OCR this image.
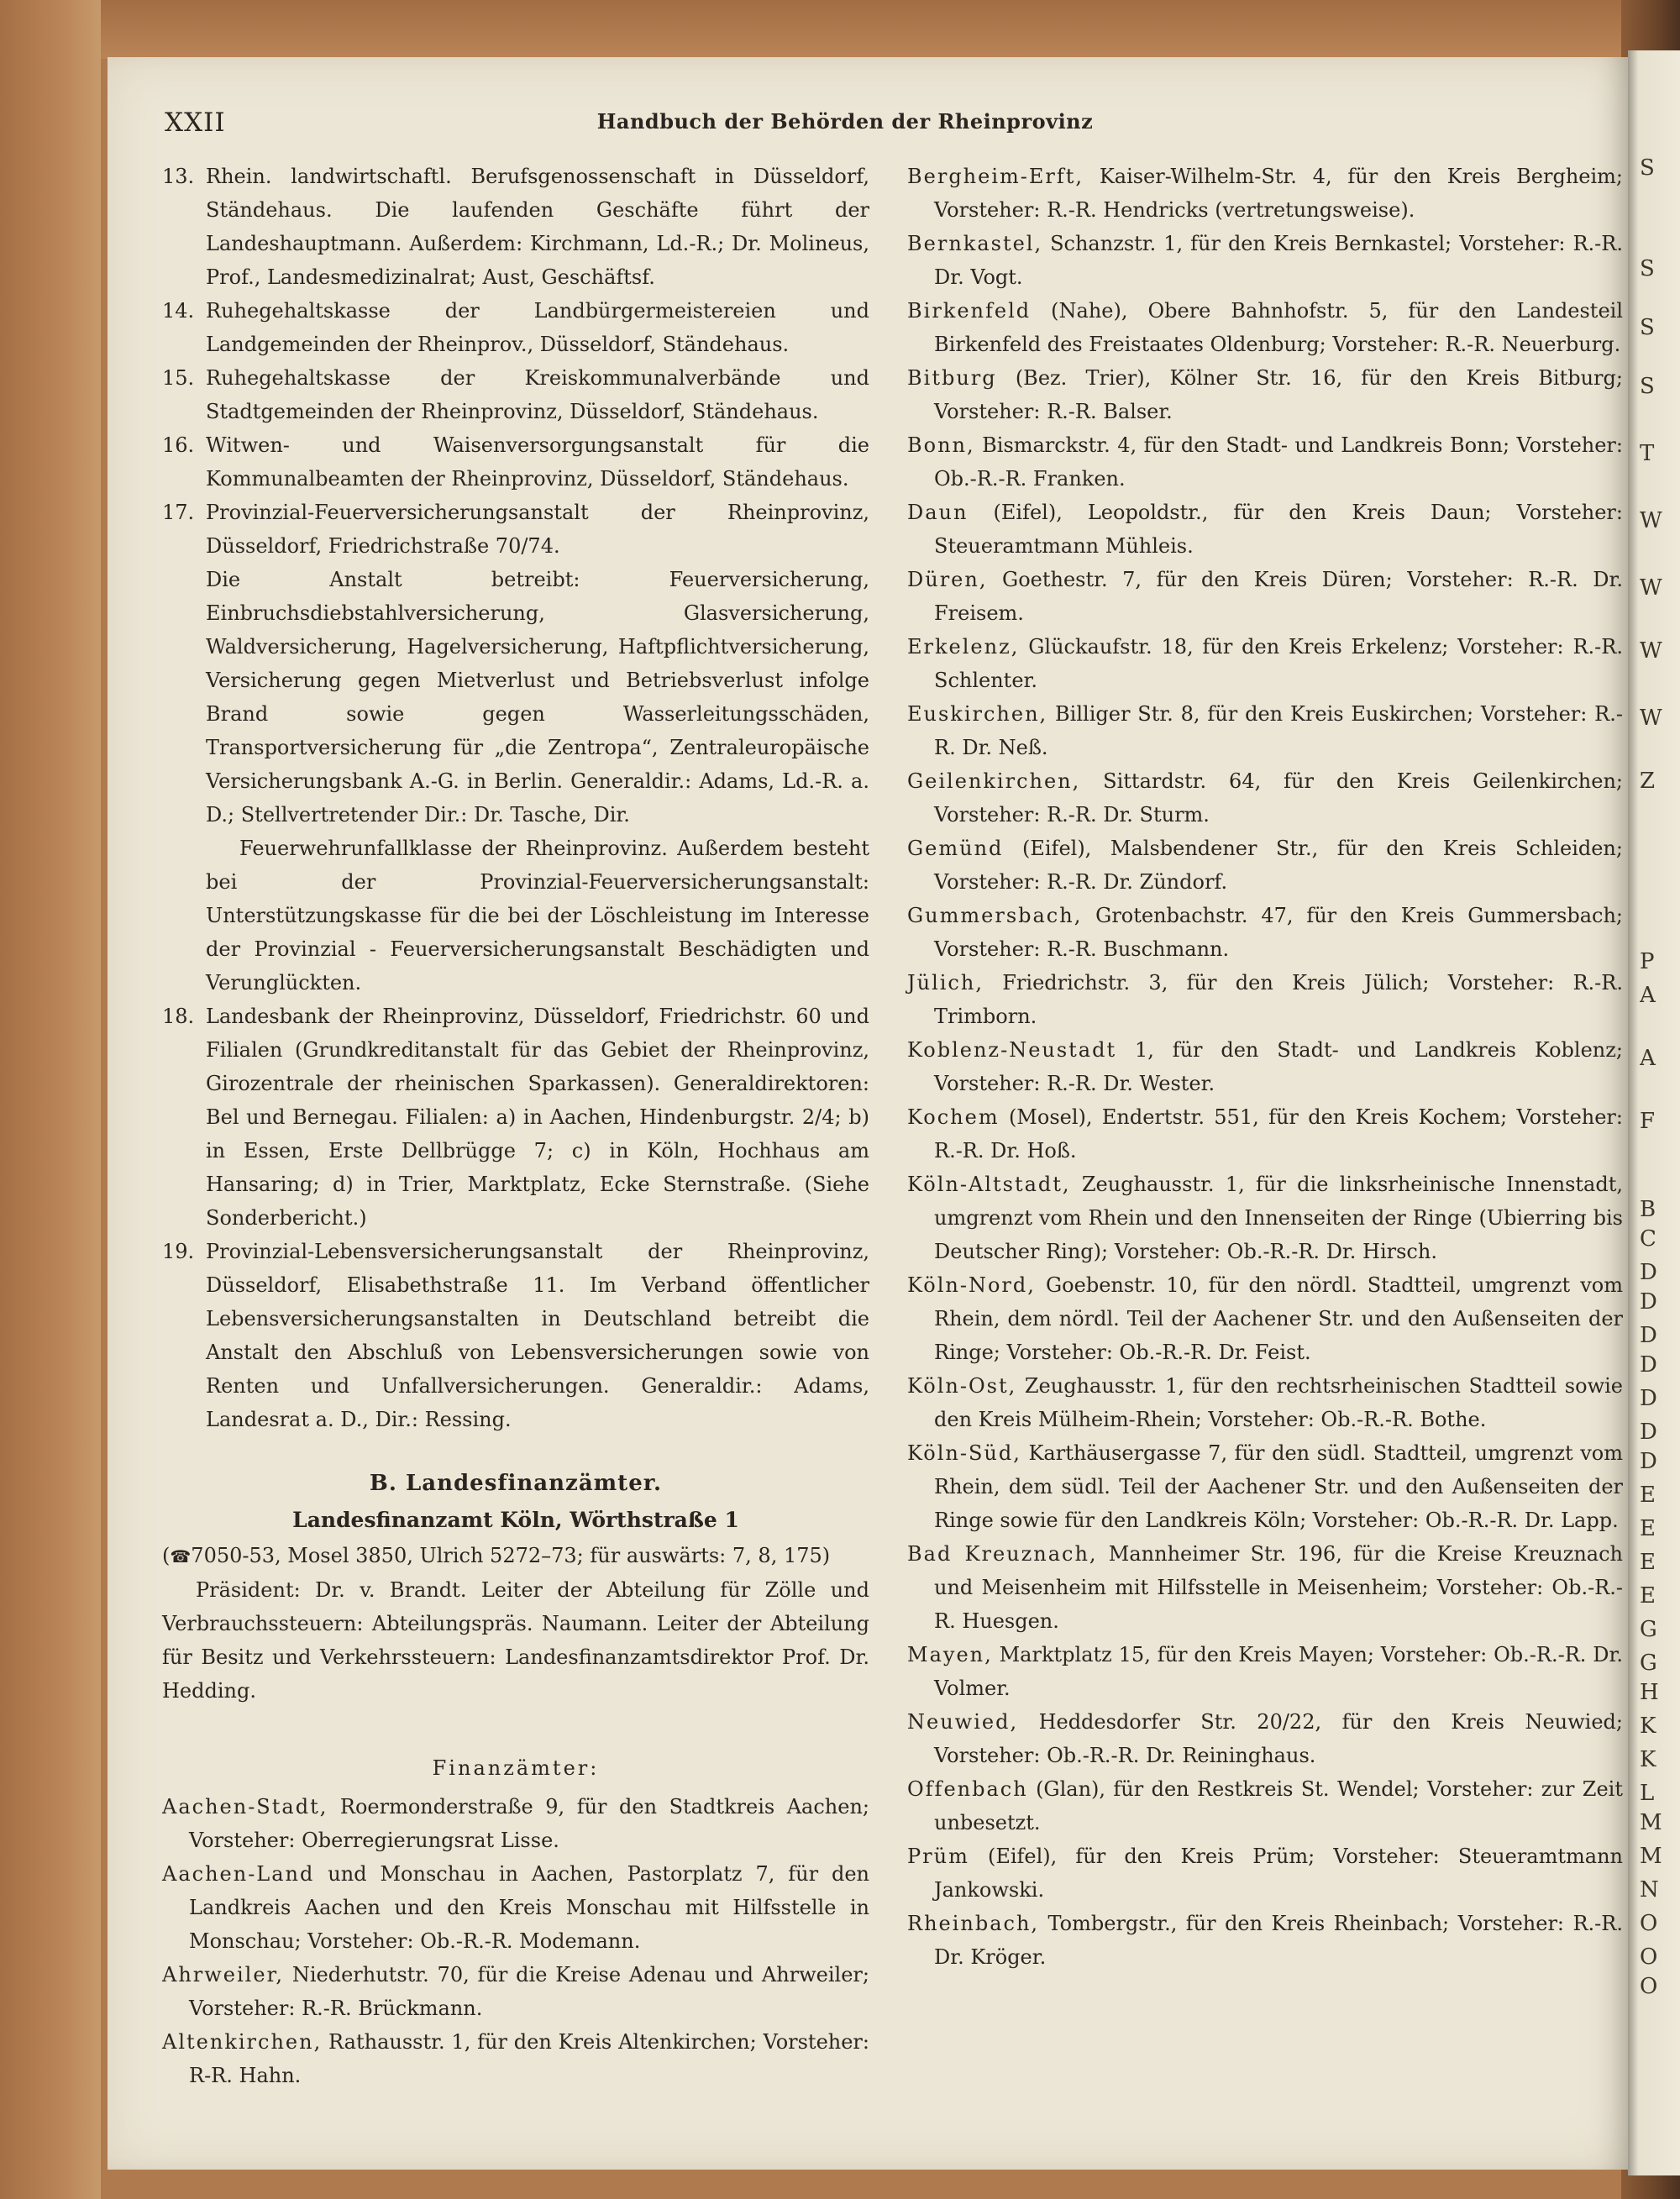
S
S
S
S
T
W
W
W
W
Z
P
A
A
F
B
C
D
D
D
D
D
D
D
E
E
E
E
G
G
H
K
K
L
M
M
N
O
O
O
XXII	Handbuch der Behörden der Rheinprovinz
13. Rhein. landwirtschaftl. Berufsgenossenschaft in Düsseldorf, Ständehaus. Die laufenden Geschäfte führt der Landeshauptmann. Außerdem: Kirchmann, Ld.-R.; Dr. Molineus, Prof., Landesmedizinalrat; Aust, Geschäftsf.

14. Ruhegehaltskasse der Landbürgermeistereien und Landgemeinden der Rheinprov., Düsseldorf, Ständehaus.

15. Ruhegehaltskasse der Kreiskommunalverbände und Stadtgemeinden der Rheinprovinz, Düsseldorf, Ständehaus.

16. Witwen- und Waisenversorgungsanstalt für die Kommunalbeamten der Rheinprovinz, Düsseldorf, Ständehaus.

17. Provinzial-Feuerversicherungsanstalt der Rheinprovinz, Düsseldorf, Friedrichstraße 70/74.

Die Anstalt betreibt: Feuerversicherung, Einbruchsdiebstahlversicherung, Glasversicherung, Waldversicherung, Hagelversicherung, Haftpflichtversicherung, Versicherung gegen Mietverlust und Betriebsverlust infolge Brand sowie gegen Wasserleitungsschäden, Transportversicherung für „die Zentropa“, Zentraleuropäische Versicherungsbank A.-G. in Berlin. Generaldir.: Adams, Ld.-R. a. D.; Stellvertretender Dir.: Dr. Tasche, Dir.

Feuerwehrunfallklasse der Rheinprovinz. Außerdem besteht bei der Provinzial-Feuerversicherungsanstalt: Unterstützungskasse für die bei der Löschleistung im Interesse der Provinzial - Feuerversicherungsanstalt Beschädigten und Verunglückten.

18. Landesbank der Rheinprovinz, Düsseldorf, Friedrichstr. 60 und Filialen (Grundkreditanstalt für das Gebiet der Rheinprovinz, Girozentrale der rheinischen Sparkassen). Generaldirektoren: Bel und Bernegau. Filialen: a) in Aachen, Hindenburgstr. 2/4; b) in Essen, Erste Dellbrügge 7; c) in Köln, Hochhaus am Hansaring; d) in Trier, Marktplatz, Ecke Sternstraße. (Siehe Sonderbericht.)

19. Provinzial-Lebensversicherungsanstalt der Rheinprovinz, Düsseldorf, Elisabethstraße 11. Im Verband öffentlicher Lebensversicherungsanstalten in Deutschland betreibt die Anstalt den Abschluß von Lebensversicherungen sowie von Renten und Unfallversicherungen. Generaldir.: Adams, Landesrat a. D., Dir.: Ressing.

B. Landesfinanzämter.
Landesfinanzamt Köln, Wörthstraße 1

(☎7050-53, Mosel 3850, Ulrich 5272–73; für auswärts: 7, 8, 175)

Präsident: Dr. v. Brandt. Leiter der Abteilung für Zölle und Verbrauchssteuern: Abteilungspräs. Naumann. Leiter der Abteilung für Besitz und Verkehrssteuern: Landesfinanzamtsdirektor Prof. Dr. Hedding.

Finanzämter:

Aachen-Stadt, Roermonderstraße 9, für den Stadtkreis Aachen; Vorsteher: Oberregierungsrat Lisse.

Aachen-Land und Monschau in Aachen, Pastorplatz 7, für den Landkreis Aachen und den Kreis Monschau mit Hilfsstelle in Monschau; Vorsteher: Ob.-R.-R. Modemann.

Ahrweiler, Niederhutstr. 70, für die Kreise Adenau und Ahrweiler; Vorsteher: R.-R. Brückmann.

Altenkirchen, Rathausstr. 1, für den Kreis Altenkirchen; Vorsteher: R-R. Hahn.

Bergheim-Erft, Kaiser-Wilhelm-Str. 4, für den Kreis Bergheim; Vorsteher: R.-R. Hendricks (vertretungsweise).

Bernkastel, Schanzstr. 1, für den Kreis Bernkastel; Vorsteher: R.-R. Dr. Vogt.

Birkenfeld (Nahe), Obere Bahnhofstr. 5, für den Landesteil Birkenfeld des Freistaates Oldenburg; Vorsteher: R.-R. Neuerburg.

Bitburg (Bez. Trier), Kölner Str. 16, für den Kreis Bitburg; Vorsteher: R.-R. Balser.

Bonn, Bismarckstr. 4, für den Stadt- und Landkreis Bonn; Vorsteher: Ob.-R.-R. Franken.

Daun (Eifel), Leopoldstr., für den Kreis Daun; Vorsteher: Steueramtmann Mühleis.

Düren, Goethestr. 7, für den Kreis Düren; Vorsteher: R.-R. Dr. Freisem.

Erkelenz, Glückaufstr. 18, für den Kreis Erkelenz; Vorsteher: R.-R. Schlenter.

Euskirchen, Billiger Str. 8, für den Kreis Euskirchen; Vorsteher: R.-R. Dr. Neß.

Geilenkirchen, Sittardstr. 64, für den Kreis Geilenkirchen; Vorsteher: R.-R. Dr. Sturm.

Gemünd (Eifel), Malsbendener Str., für den Kreis Schleiden; Vorsteher: R.-R. Dr. Zündorf.

Gummersbach, Grotenbachstr. 47, für den Kreis Gummersbach; Vorsteher: R.-R. Buschmann.

Jülich, Friedrichstr. 3, für den Kreis Jülich; Vorsteher: R.-R. Trimborn.

Koblenz-Neustadt 1, für den Stadt- und Landkreis Koblenz; Vorsteher: R.-R. Dr. Wester.

Kochem (Mosel), Endertstr. 551, für den Kreis Kochem; Vorsteher: R.-R. Dr. Hoß.

Köln-Altstadt, Zeughausstr. 1, für die linksrheinische Innenstadt, umgrenzt vom Rhein und den Innenseiten der Ringe (Ubierring bis Deutscher Ring); Vorsteher: Ob.-R.-R. Dr. Hirsch.

Köln-Nord, Goebenstr. 10, für den nördl. Stadtteil, umgrenzt vom Rhein, dem nördl. Teil der Aachener Str. und den Außenseiten der Ringe; Vorsteher: Ob.-R.-R. Dr. Feist.

Köln-Ost, Zeughausstr. 1, für den rechtsrheinischen Stadtteil sowie den Kreis Mülheim-Rhein; Vorsteher: Ob.-R.-R. Bothe.

Köln-Süd, Karthäusergasse 7, für den südl. Stadtteil, umgrenzt vom Rhein, dem südl. Teil der Aachener Str. und den Außenseiten der Ringe sowie für den Landkreis Köln; Vorsteher: Ob.-R.-R. Dr. Lapp.

Bad Kreuznach, Mannheimer Str. 196, für die Kreise Kreuznach und Meisenheim mit Hilfsstelle in Meisenheim; Vorsteher: Ob.-R.-R. Huesgen.

Mayen, Marktplatz 15, für den Kreis Mayen; Vorsteher: Ob.-R.-R. Dr. Volmer.

Neuwied, Heddesdorfer Str. 20/22, für den Kreis Neuwied; Vorsteher: Ob.-R.-R. Dr. Reininghaus.

Offenbach (Glan), für den Restkreis St. Wendel; Vorsteher: zur Zeit unbesetzt.

Prüm (Eifel), für den Kreis Prüm; Vorsteher: Steueramtmann Jankowski.

Rheinbach, Tombergstr., für den Kreis Rheinbach; Vorsteher: R.-R. Dr. Kröger.
